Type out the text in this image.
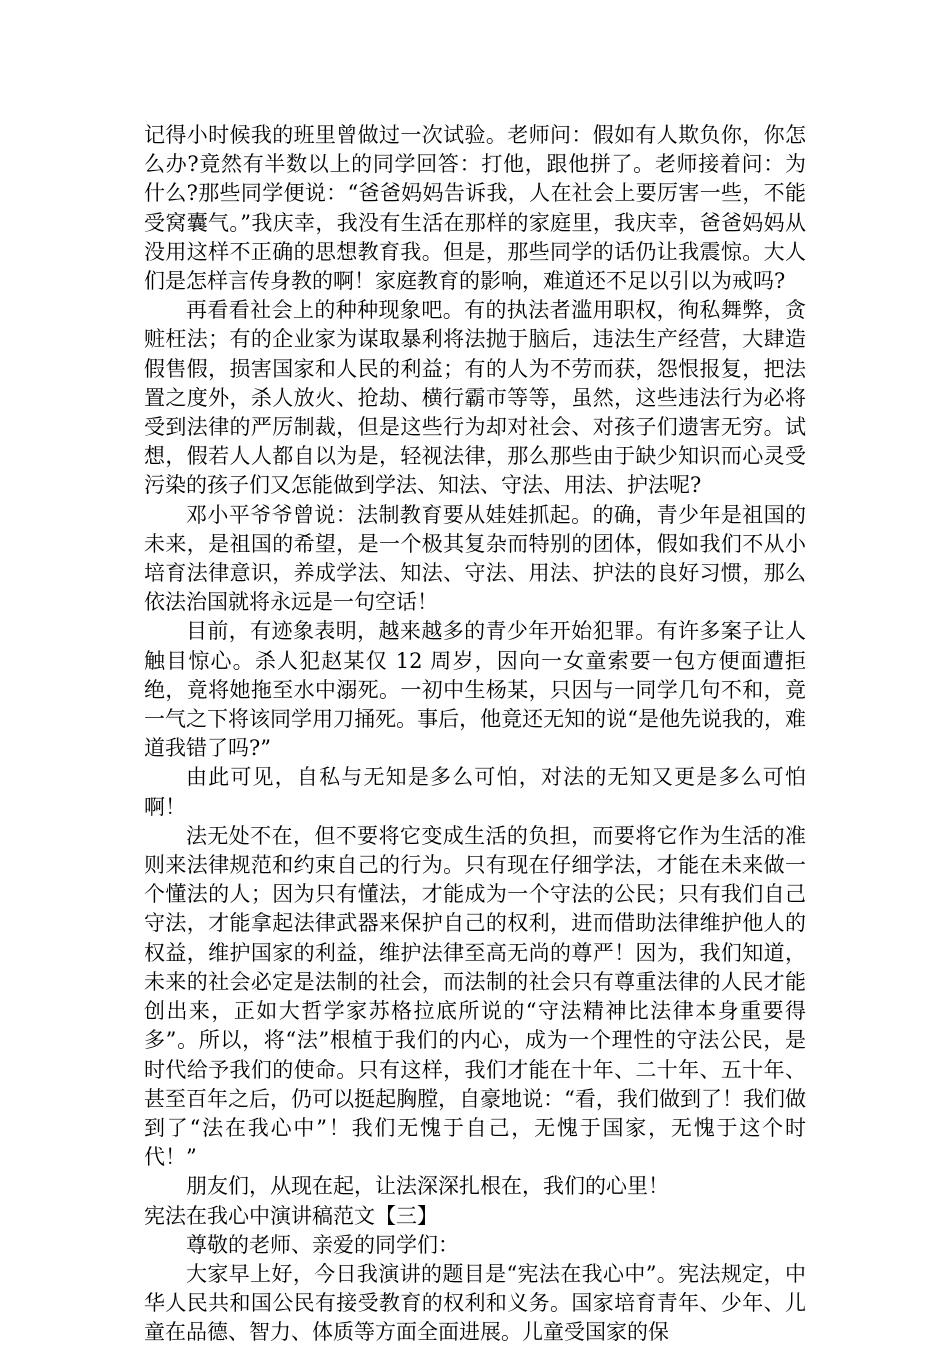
记得小时候我的班里曾做过一次试验。老师问：假如有人欺负你，你怎么办?竟然有半数以上的同学回答：打他，跟他拼了。老师接着问：为什么?那些同学便说：“爸爸妈妈告诉我，人在社会上要厉害一些，不能受窝囊气。”我庆幸，我没有生活在那样的家庭里，我庆幸，爸爸妈妈从没用这样不正确的思想教育我。但是，那些同学的话仍让我震惊。大人们是怎样言传身教的啊！家庭教育的影响，难道还不足以引以为戒吗?

再看看社会上的种种现象吧。有的执法者滥用职权，徇私舞弊，贪赃枉法；有的企业家为谋取暴利将法抛于脑后，违法生产经营，大肆造假售假，损害国家和人民的利益；有的人为不劳而获，怨恨报复，把法置之度外，杀人放火、抢劫、横行霸市等等，虽然，这些违法行为必将受到法律的严厉制裁，但是这些行为却对社会、对孩子们遗害无穷。试想，假若人人都自以为是，轻视法律，那么那些由于缺少知识而心灵受污染的孩子们又怎能做到学法、知法、守法、用法、护法呢?

邓小平爷爷曾说：法制教育要从娃娃抓起。的确，青少年是祖国的未来，是祖国的希望，是一个极其复杂而特别的团体，假如我们不从小培育法律意识，养成学法、知法、守法、用法、护法的良好习惯，那么依法治国就将永远是一句空话！

目前，有迹象表明，越来越多的青少年开始犯罪。有许多案子让人触目惊心。杀人犯赵某仅 12 周岁，因向一女童索要一包方便面遭拒绝，竟将她拖至水中溺死。一初中生杨某，只因与一同学几句不和，竟一气之下将该同学用刀捅死。事后，他竟还无知的说“是他先说我的，难道我错了吗?”

由此可见，自私与无知是多么可怕，对法的无知又更是多么可怕啊！

法无处不在，但不要将它变成生活的负担，而要将它作为生活的准则来法律规范和约束自己的行为。只有现在仔细学法，才能在未来做一个懂法的人；因为只有懂法，才能成为一个守法的公民；只有我们自己守法，才能拿起法律武器来保护自己的权利，进而借助法律维护他人的权益，维护国家的利益，维护法律至高无尚的尊严！因为，我们知道，未来的社会必定是法制的社会，而法制的社会只有尊重法律的人民才能创出来，正如大哲学家苏格拉底所说的“守法精神比法律本身重要得多”。所以，将“法”根植于我们的内心，成为一个理性的守法公民，是时代给予我们的使命。只有这样，我们才能在十年、二十年、五十年、甚至百年之后，仍可以挺起胸膛，自豪地说：“看，我们做到了！我们做到了“法在我心中”！我们无愧于自己，无愧于国家，无愧于这个时代！”

朋友们，从现在起，让法深深扎根在，我们的心里！

宪法在我心中演讲稿范文【三】

尊敬的老师、亲爱的同学们：

大家早上好，今日我演讲的题目是“宪法在我心中”。宪法规定，中华人民共和国公民有接受教育的权利和义务。国家培育青年、少年、儿童在品德、智力、体质等方面全面进展。儿童受国家的保
